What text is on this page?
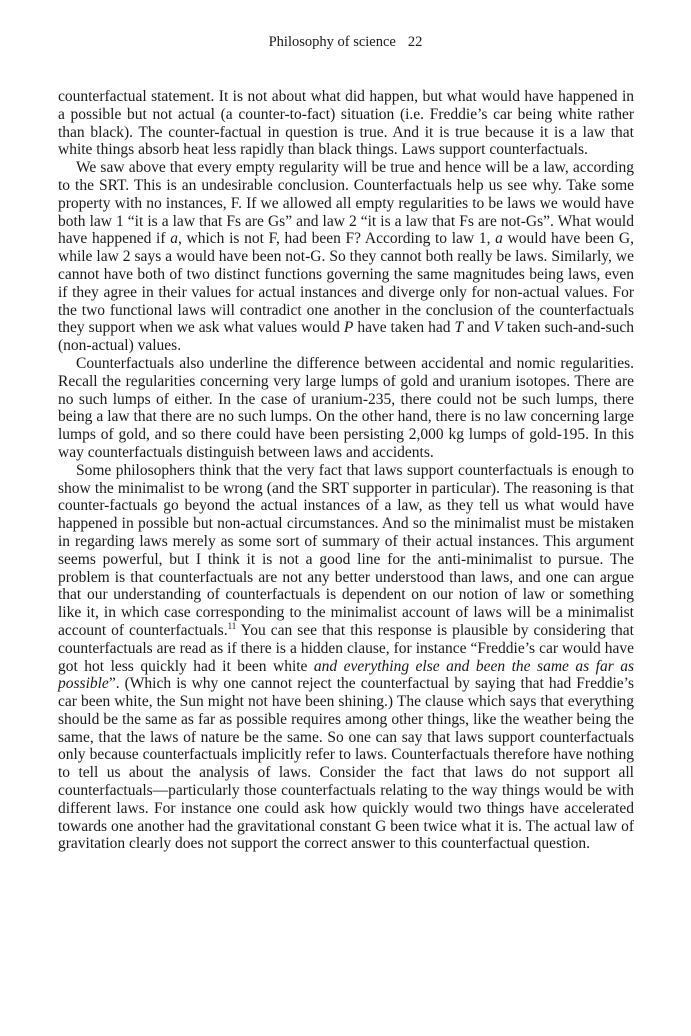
Philosophy of science 22

counterfactual statement. It is not about what did happen, but what would have happened in a possible but not actual (a counter-to-fact) situation (i.e. Freddie’s car being white rather than black). The counter-factual in question is true. And it is true because it is a law that white things absorb heat less rapidly than black things. Laws support counterfactuals.

We saw above that every empty regularity will be true and hence will be a law, according to the SRT. This is an undesirable conclusion. Counterfactuals help us see why. Take some property with no instances, F. If we allowed all empty regularities to be laws we would have both law 1 “it is a law that Fs are Gs” and law 2 “it is a law that Fs are not-Gs”. What would have happened if a, which is not F, had been F? According to law 1, a would have been G, while law 2 says a would have been not-G. So they cannot both really be laws. Similarly, we cannot have both of two distinct functions governing the same magnitudes being laws, even if they agree in their values for actual instances and diverge only for non-actual values. For the two functional laws will contradict one another in the conclusion of the counterfactuals they support when we ask what values would P have taken had T and V taken such-and-such (non-actual) values.

Counterfactuals also underline the difference between accidental and nomic regularities. Recall the regularities concerning very large lumps of gold and uranium isotopes. There are no such lumps of either. In the case of uranium-235, there could not be such lumps, there being a law that there are no such lumps. On the other hand, there is no law concerning large lumps of gold, and so there could have been persisting 2,000 kg lumps of gold-195. In this way counterfactuals distinguish between laws and accidents.

Some philosophers think that the very fact that laws support counterfactuals is enough to show the minimalist to be wrong (and the SRT supporter in particular). The reasoning is that counter-factuals go beyond the actual instances of a law, as they tell us what would have happened in possible but non-actual circumstances. And so the minimalist must be mistaken in regarding laws merely as some sort of summary of their actual instances. This argument seems powerful, but I think it is not a good line for the anti-minimalist to pursue. The problem is that counterfactuals are not any better understood than laws, and one can argue that our understanding of counterfactuals is dependent on our notion of law or something like it, in which case corresponding to the minimalist account of laws will be a minimalist account of counterfactuals.$^{11}$ You can see that this response is plausible by considering that counterfactuals are read as if there is a hidden clause, for instance “Freddie’s car would have got hot less quickly had it been white and everything else and been the same as far as possible”. (Which is why one cannot reject the counterfactual by saying that had Freddie’s car been white, the Sun might not have been shining.) The clause which says that everything should be the same as far as possible requires among other things, like the weather being the same, that the laws of nature be the same. So one can say that laws support counterfactuals only because counterfactuals implicitly refer to laws. Counterfactuals therefore have nothing to tell us about the analysis of laws. Consider the fact that laws do not support all counterfactuals—particularly those counterfactuals relating to the way things would be with different laws. For instance one could ask how quickly would two things have accelerated towards one another had the gravitational constant G been twice what it is. The actual law of gravitation clearly does not support the correct answer to this counterfactual question.
